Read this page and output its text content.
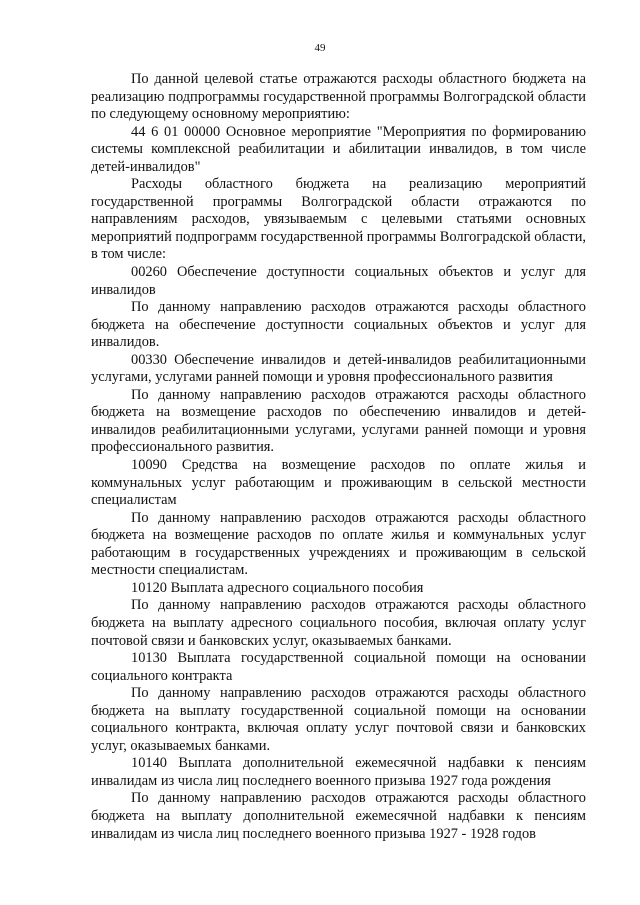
49

По данной целевой статье отражаются расходы областного бюджета на реализацию подпрограммы государственной программы Волгоградской области по следующему основному мероприятию:

44 6 01 00000 Основное мероприятие "Мероприятия по формированию системы комплексной реабилитации и абилитации инвалидов, в том числе детей-инвалидов"

Расходы областного бюджета на реализацию мероприятий государственной программы Волгоградской области отражаются по направлениям расходов, увязываемым с целевыми статьями основных мероприятий подпрограмм государственной программы Волгоградской области, в том числе:

00260 Обеспечение доступности социальных объектов и услуг для инвалидов

По данному направлению расходов отражаются расходы областного бюджета на обеспечение доступности социальных объектов и услуг для инвалидов.

00330 Обеспечение инвалидов и детей-инвалидов реабилитационными услугами, услугами ранней помощи и уровня профессионального развития

По данному направлению расходов отражаются расходы областного бюджета на возмещение расходов по обеспечению инвалидов и детей-инвалидов реабилитационными услугами, услугами ранней помощи и уровня профессионального развития.

10090 Средства на возмещение расходов по оплате жилья и коммунальных услуг работающим и проживающим в сельской местности специалистам

По данному направлению расходов отражаются расходы областного бюджета на возмещение расходов по оплате жилья и коммунальных услуг работающим в государственных учреждениях и проживающим в сельской местности специалистам.

10120 Выплата адресного социального пособия

По данному направлению расходов отражаются расходы областного бюджета на выплату адресного социального пособия, включая оплату услуг почтовой связи и банковских услуг, оказываемых банками.

10130 Выплата государственной социальной помощи на основании социального контракта

По данному направлению расходов отражаются расходы областного бюджета на выплату государственной социальной помощи на основании социального контракта, включая оплату услуг почтовой связи и банковских услуг, оказываемых банками.

10140 Выплата дополнительной ежемесячной надбавки к пенсиям инвалидам из числа лиц последнего военного призыва 1927 года рождения

По данному направлению расходов отражаются расходы областного бюджета на выплату дополнительной ежемесячной надбавки к пенсиям инвалидам из числа лиц последнего военного призыва 1927 - 1928 годов
